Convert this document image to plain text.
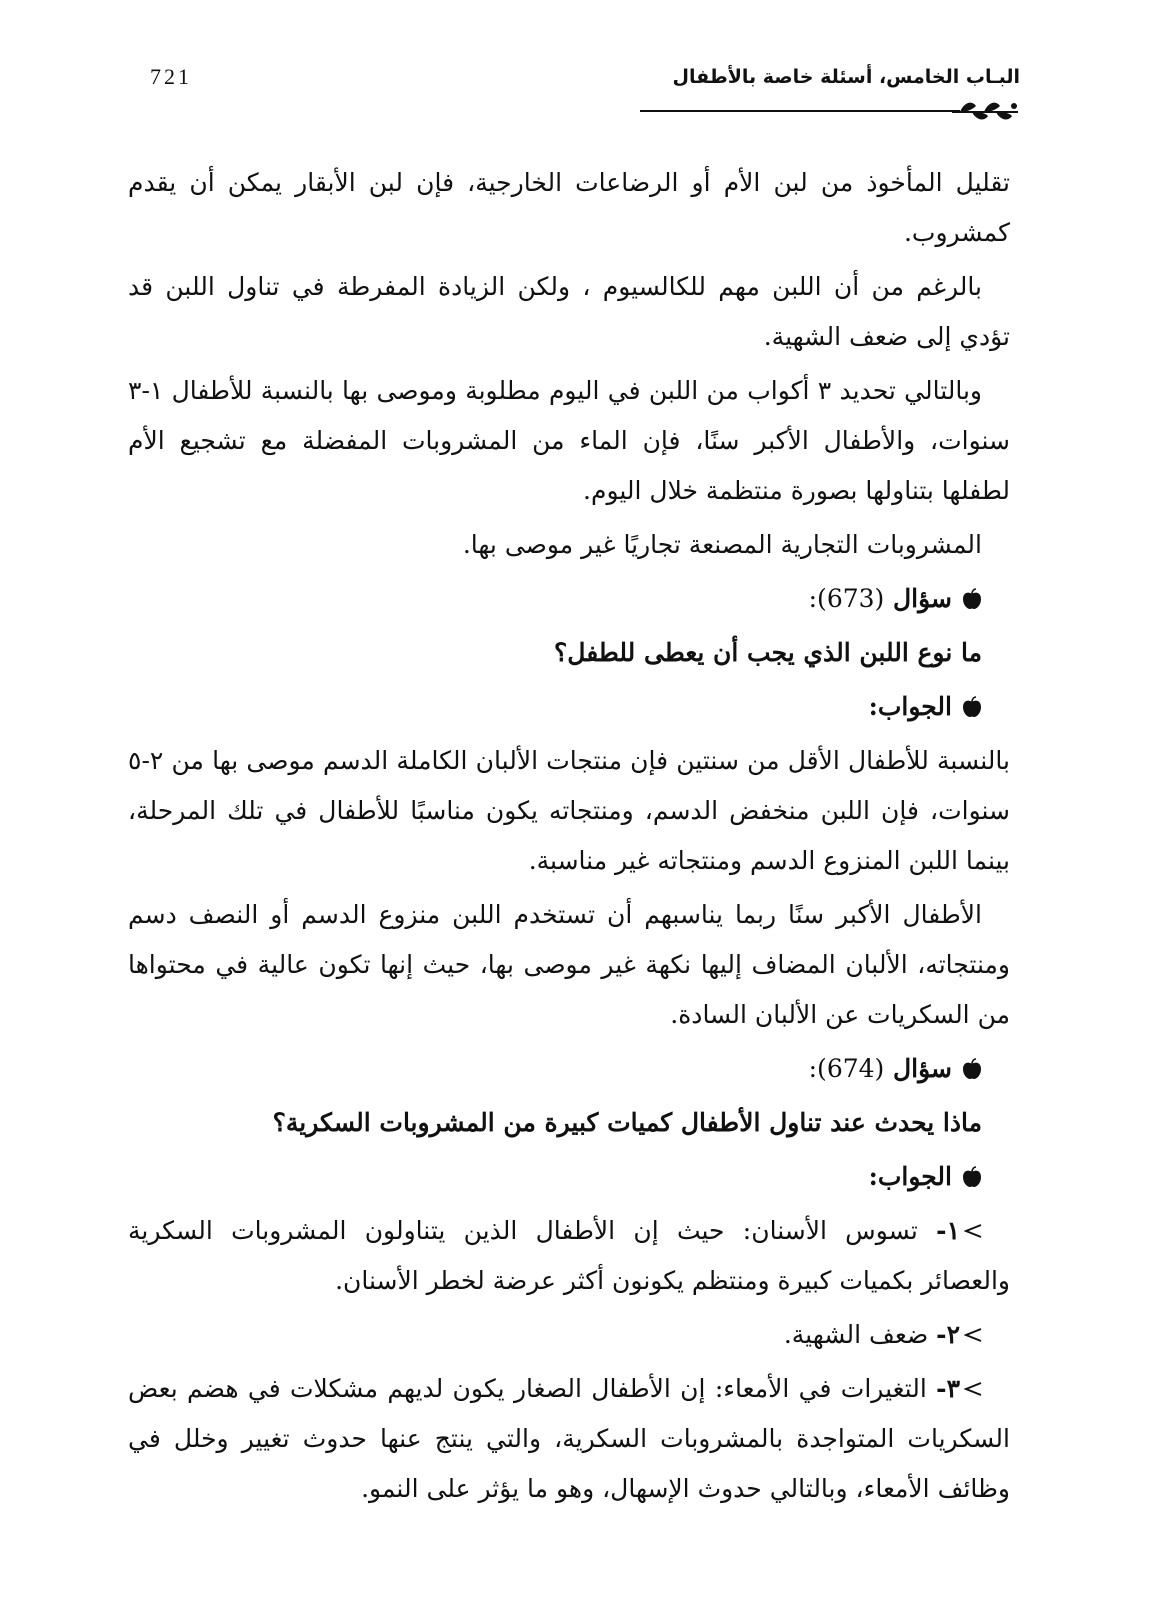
721	البـاب الخامس، أسئلة خاصة بالأطفال

تقليل المأخوذ من لبن الأم أو الرضاعات الخارجية، فإن لبن الأبقار يمكن أن يقدم كمشروب.

بالرغم من أن اللبن مهم للكالسيوم ، ولكن الزيادة المفرطة في تناول اللبن قد تؤدي إلى ضعف الشهية.

وبالتالي تحديد ٣ أكواب من اللبن في اليوم مطلوبة وموصى بها بالنسبة للأطفال ١-٣ سنوات، والأطفال الأكبر سنًا، فإن الماء من المشروبات المفضلة مع تشجيع الأم لطفلها بتناولها بصورة منتظمة خلال اليوم.

المشروبات التجارية المصنعة تجاريًا غير موصى بها.

سؤال (673):

ما نوع اللبن الذي يجب أن يعطى للطفل؟

الجواب:

بالنسبة للأطفال الأقل من سنتين فإن منتجات الألبان الكاملة الدسم موصى بها من ٢-٥ سنوات، فإن اللبن منخفض الدسم، ومنتجاته يكون مناسبًا للأطفال في تلك المرحلة، بينما اللبن المنزوع الدسم ومنتجاته غير مناسبة.

الأطفال الأكبر سنًا ربما يناسبهم أن تستخدم اللبن منزوع الدسم أو النصف دسم ومنتجاته، الألبان المضاف إليها نكهة غير موصى بها، حيث إنها تكون عالية في محتواها من السكريات عن الألبان السادة.

سؤال (674):

ماذا يحدث عند تناول الأطفال كميات كبيرة من المشروبات السكرية؟

الجواب:

١- تسوس الأسنان: حيث إن الأطفال الذين يتناولون المشروبات السكرية والعصائر بكميات كبيرة ومنتظم يكونون أكثر عرضة لخطر الأسنان.

٢- ضعف الشهية.

٣- التغيرات في الأمعاء: إن الأطفال الصغار يكون لديهم مشكلات في هضم بعض السكريات المتواجدة بالمشروبات السكرية، والتي ينتج عنها حدوث تغيير وخلل في وظائف الأمعاء، وبالتالي حدوث الإسهال، وهو ما يؤثر على النمو.
